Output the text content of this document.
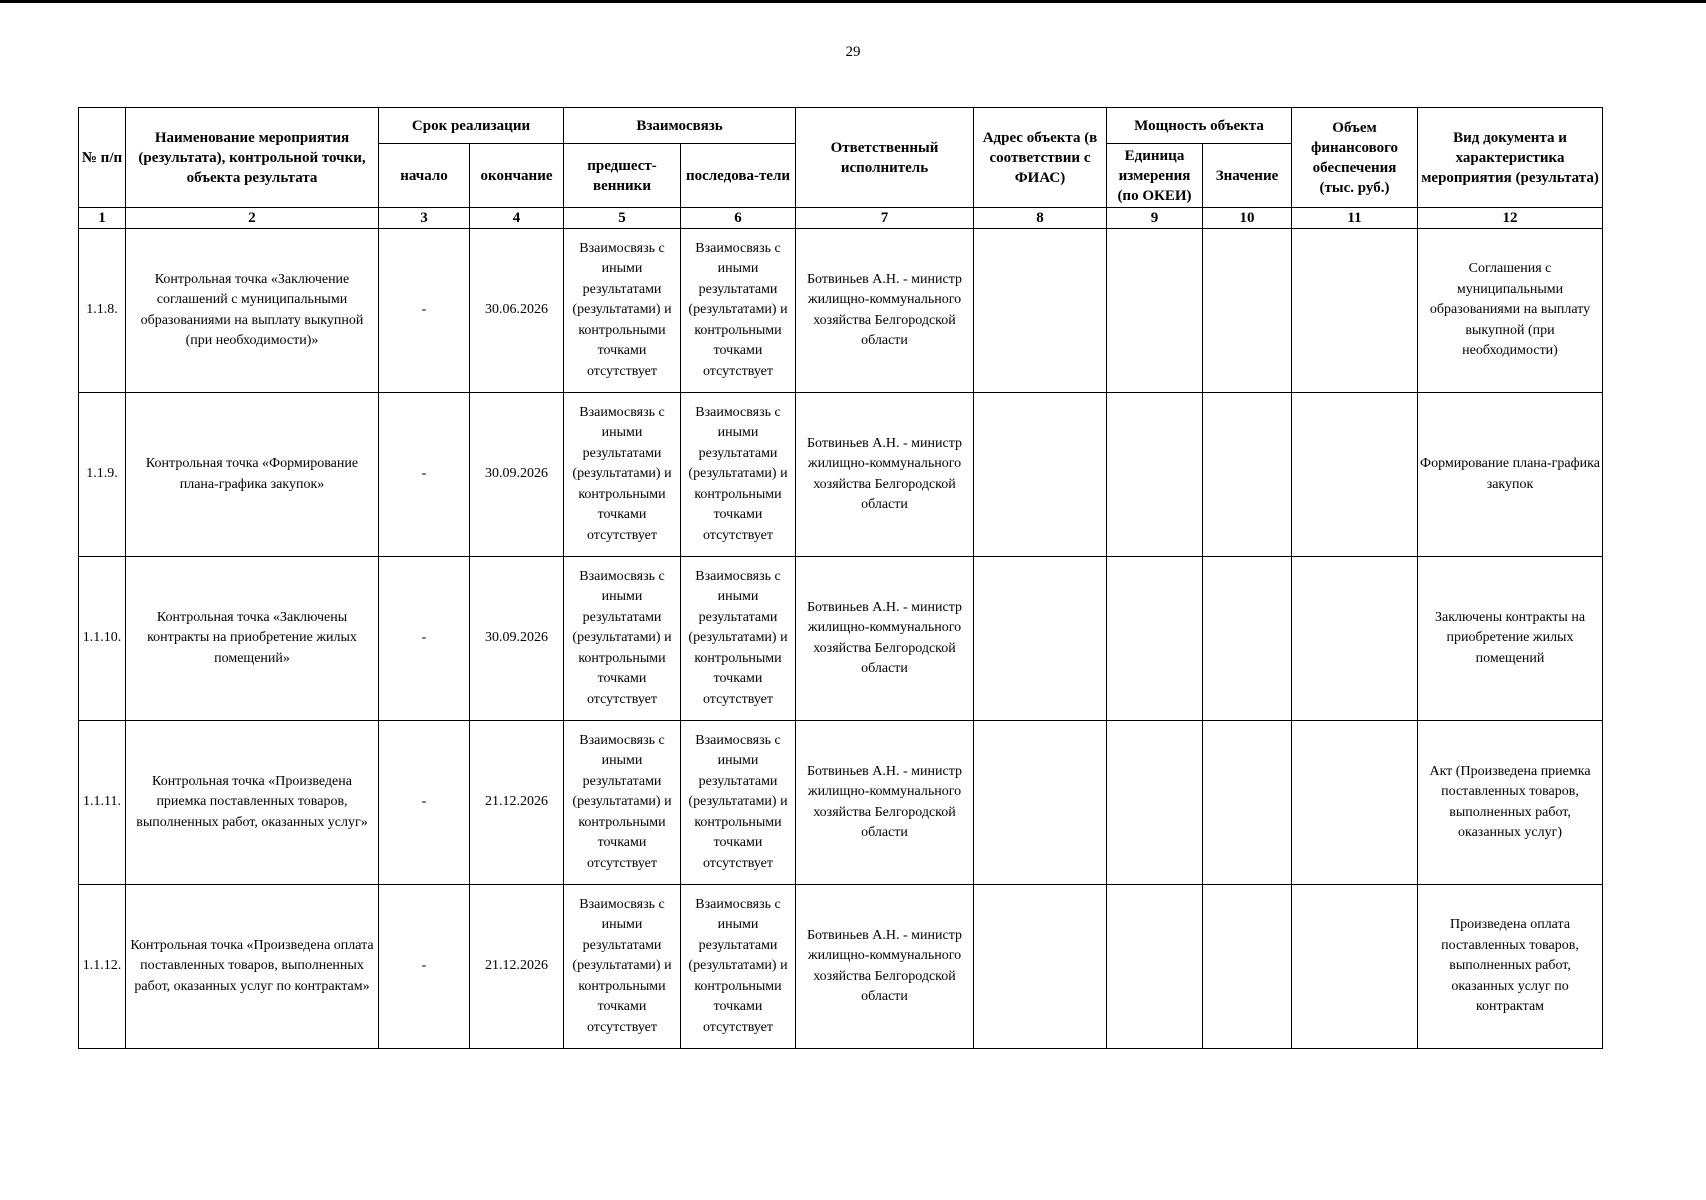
29
№ п/п	Наименование мероприятия (результата), контрольной точки, объекта результата	Срок реализации		Взаимосвязь		Ответственный исполнитель	Адрес объекта (в соответствии с ФИАС)	Мощность объекта		Объем финансового обеспечения (тыс. руб.)	Вид документа и характеристика мероприятия (результата)
		начало	окончание	предшест-венники	последова-тели			Единица измерения (по ОКЕИ)	Значение		
1	2	3	4	5	6	7	8	9	10	11	12
1.1.8.	Контрольная точка «Заключение соглашений с муниципальными образованиями на выплату выкупной (при необходимости)»	-	30.06.2026	Взаимосвязь с иными результатами (результатами) и контрольными точками отсутствует	Взаимосвязь с иными результатами (результатами) и контрольными точками отсутствует	Ботвиньев А.Н. - министр жилищно-коммунального хозяйства Белгородской области					Соглашения с муниципальными образованиями на выплату выкупной (при необходимости)
1.1.9.	Контрольная точка «Формирование плана-графика закупок»	-	30.09.2026	Взаимосвязь с иными результатами (результатами) и контрольными точками отсутствует	Взаимосвязь с иными результатами (результатами) и контрольными точками отсутствует	Ботвиньев А.Н. - министр жилищно-коммунального хозяйства Белгородской области					Формирование плана-графика закупок
1.1.10.	Контрольная точка «Заключены контракты на приобретение жилых помещений»	-	30.09.2026	Взаимосвязь с иными результатами (результатами) и контрольными точками отсутствует	Взаимосвязь с иными результатами (результатами) и контрольными точками отсутствует	Ботвиньев А.Н. - министр жилищно-коммунального хозяйства Белгородской области					Заключены контракты на приобретение жилых помещений
1.1.11.	Контрольная точка «Произведена приемка поставленных товаров, выполненных работ, оказанных услуг»	-	21.12.2026	Взаимосвязь с иными результатами (результатами) и контрольными точками отсутствует	Взаимосвязь с иными результатами (результатами) и контрольными точками отсутствует	Ботвиньев А.Н. - министр жилищно-коммунального хозяйства Белгородской области					Акт (Произведена приемка поставленных товаров, выполненных работ, оказанных услуг)
1.1.12.	Контрольная точка «Произведена оплата поставленных товаров, выполненных работ, оказанных услуг по контрактам»	-	21.12.2026	Взаимосвязь с иными результатами (результатами) и контрольными точками отсутствует	Взаимосвязь с иными результатами (результатами) и контрольными точками отсутствует	Ботвиньев А.Н. - министр жилищно-коммунального хозяйства Белгородской области					Произведена оплата поставленных товаров, выполненных работ, оказанных услуг по контрактам
